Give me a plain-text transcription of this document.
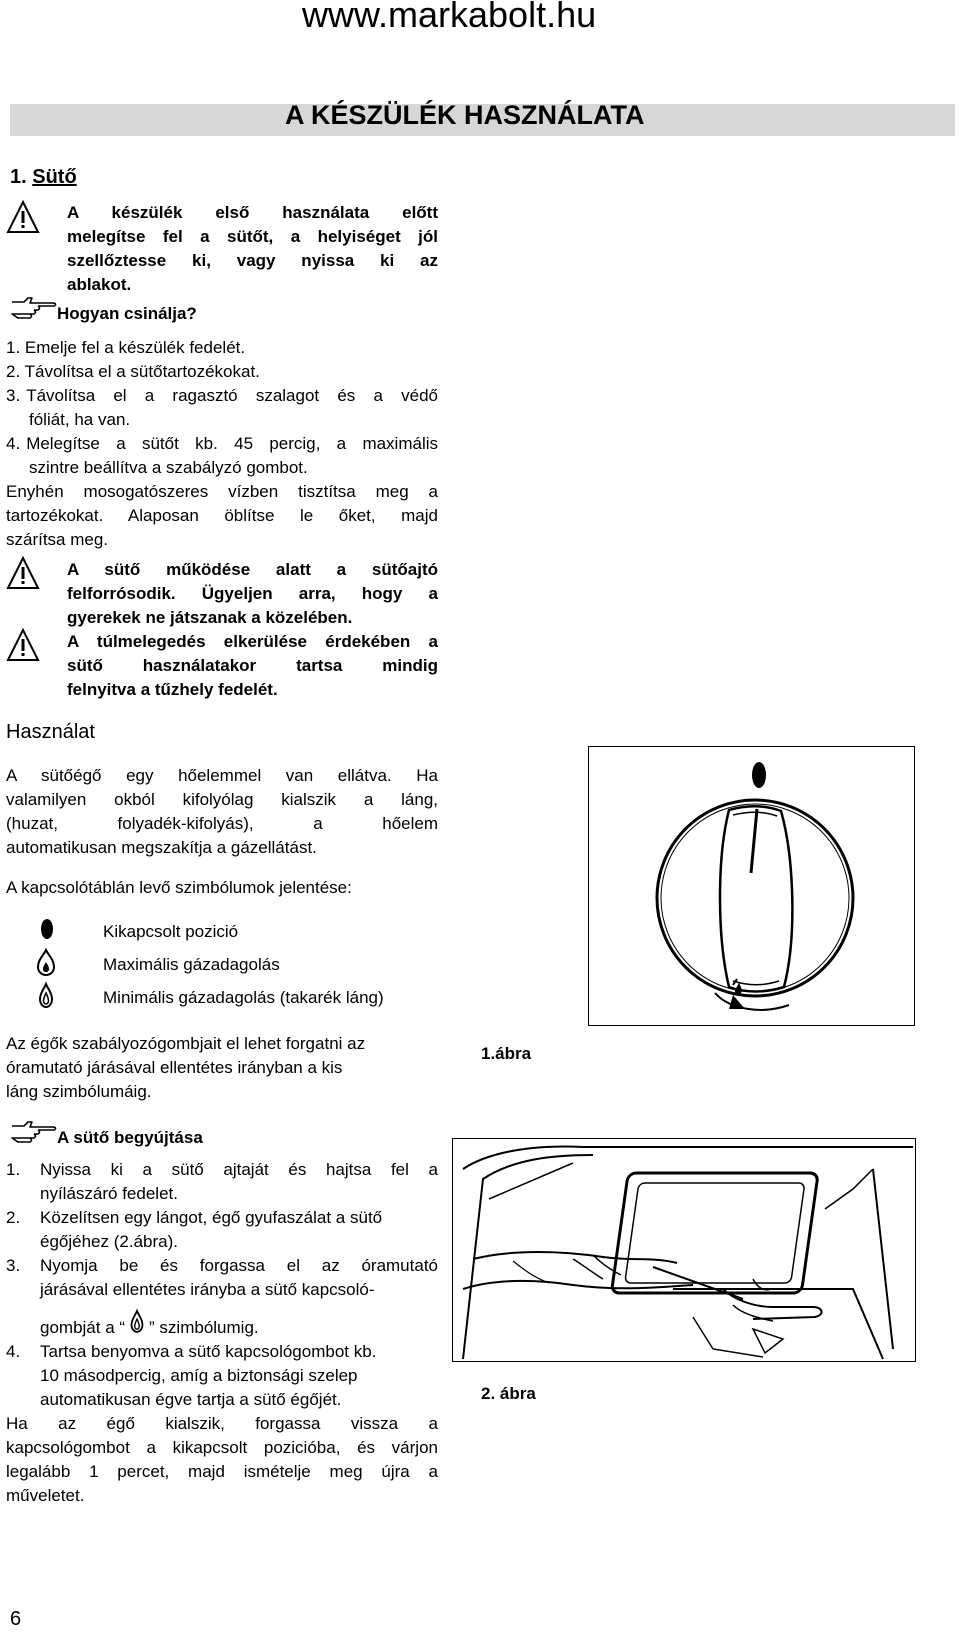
www.markabolt.hu
A KÉSZÜLÉK HASZNÁLATA
1. Sütő
A készülék első használata előtt
melegítse fel a sütőt, a helyiséget jól
szellőztesse ki, vagy nyissa ki az
ablakot.
Hogyan csinálja?
1. Emelje fel a készülék fedelét.
2. Távolítsa el a sütőtartozékokat.
3. Távolítsa el a ragasztó szalagot és a védő
fóliát, ha van.
4. Melegítse a sütőt kb. 45 percig, a maximális
szintre beállítva a szabályzó gombot.
Enyhén mosogatószeres vízben tisztítsa meg a
tartozékokat. Alaposan öblítse le őket, majd
szárítsa meg.
A sütő működése alatt a sütőajtó
felforrósodik. Ügyeljen arra, hogy a
gyerekek ne játszanak a közelében.
A túlmelegedés elkerülése érdekében a
sütő használatakor tartsa mindig
felnyitva a tűzhely fedelét.
Használat
A sütőégő egy hőelemmel van ellátva. Ha
valamilyen okból kifolyólag kialszik a láng,
(huzat, folyadék-kifolyás), a hőelem
automatikusan megszakítja a gázellátást.
A kapcsolótáblán levő szimbólumok jelentése:
Kikapcsolt pozició
Maximális gázadagolás
Minimális gázadagolás (takarék láng)
Az égők szabályozógombjait el lehet forgatni az
óramutató járásával ellentétes irányban a kis
láng szimbólumáig.
1.ábra
A sütő begyújtása
1.	Nyissa ki a sütő ajtaját és hajtsa fel a
nyílászáró fedelet.
2.	Közelítsen egy lángot, égő gyufaszálat a sütő
égőjéhez (2.ábra).
3.	Nyomja be és forgassa el az óramutató
járásával ellentétes irányba a sütő kapcsoló-
gombját a “ ” szimbólumig.
4.	Tartsa benyomva a sütő kapcsológombot kb.
10 másodpercig, amíg a biztonsági szelep
automatikusan égve tartja a sütő égőjét.
Ha az égő kialszik, forgassa vissza a
kapcsológombot a kikapcsolt pozicióba, és várjon
legalább 1 percet, majd ismételje meg újra a
műveletet.
2. ábra
6
